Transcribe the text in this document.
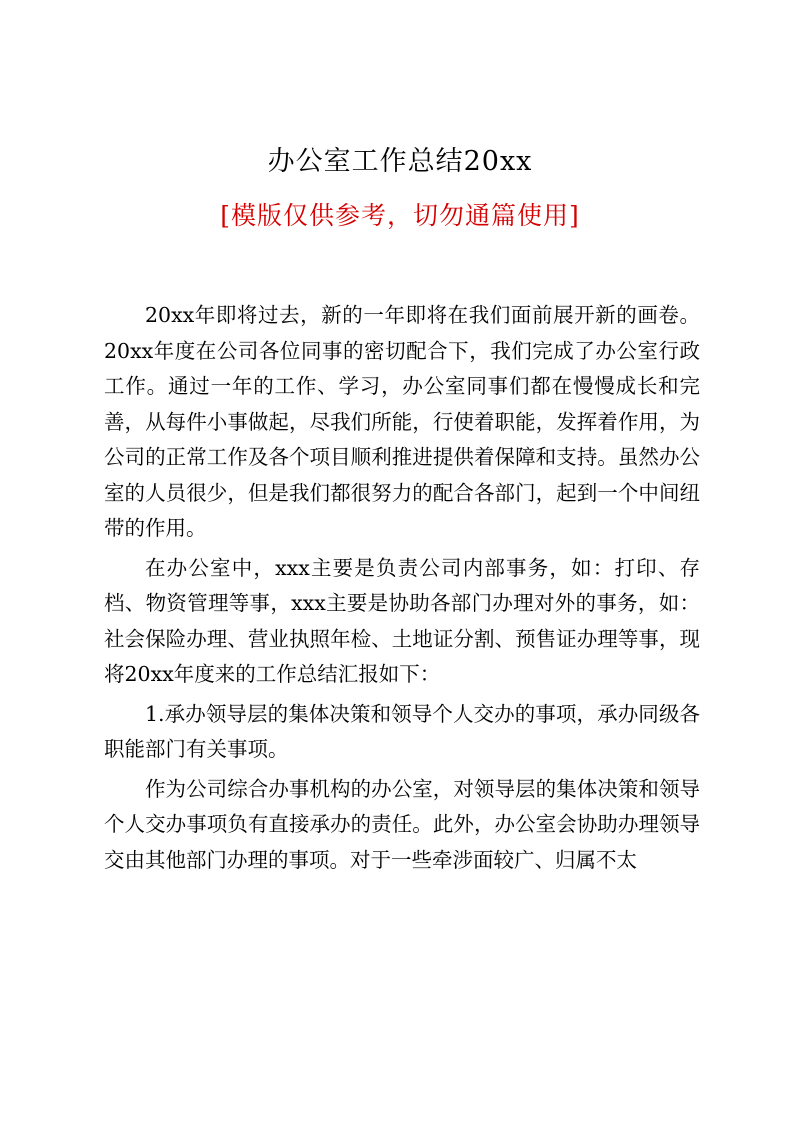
办公室工作总结20xx
[模版仅供参考，切勿通篇使用]

20xx年即将过去，新的一年即将在我们面前展开新的画卷。20xx年度在公司各位同事的密切配合下，我们完成了办公室行政工作。通过一年的工作、学习，办公室同事们都在慢慢成长和完善，从每件小事做起，尽我们所能，行使着职能，发挥着作用，为公司的正常工作及各个项目顺利推进提供着保障和支持。虽然办公室的人员很少，但是我们都很努力的配合各部门，起到一个中间纽带的作用。

在办公室中，xxx主要是负责公司内部事务，如：打印、存档、物资管理等事，xxx主要是协助各部门办理对外的事务，如：社会保险办理、营业执照年检、土地证分割、预售证办理等事，现将20xx年度来的工作总结汇报如下：

1.承办领导层的集体决策和领导个人交办的事项，承办同级各职能部门有关事项。

作为公司综合办事机构的办公室，对领导层的集体决策和领导个人交办事项负有直接承办的责任。此外，办公室会协助办理领导交由其他部门办理的事项。对于一些牵涉面较广、归属不太
